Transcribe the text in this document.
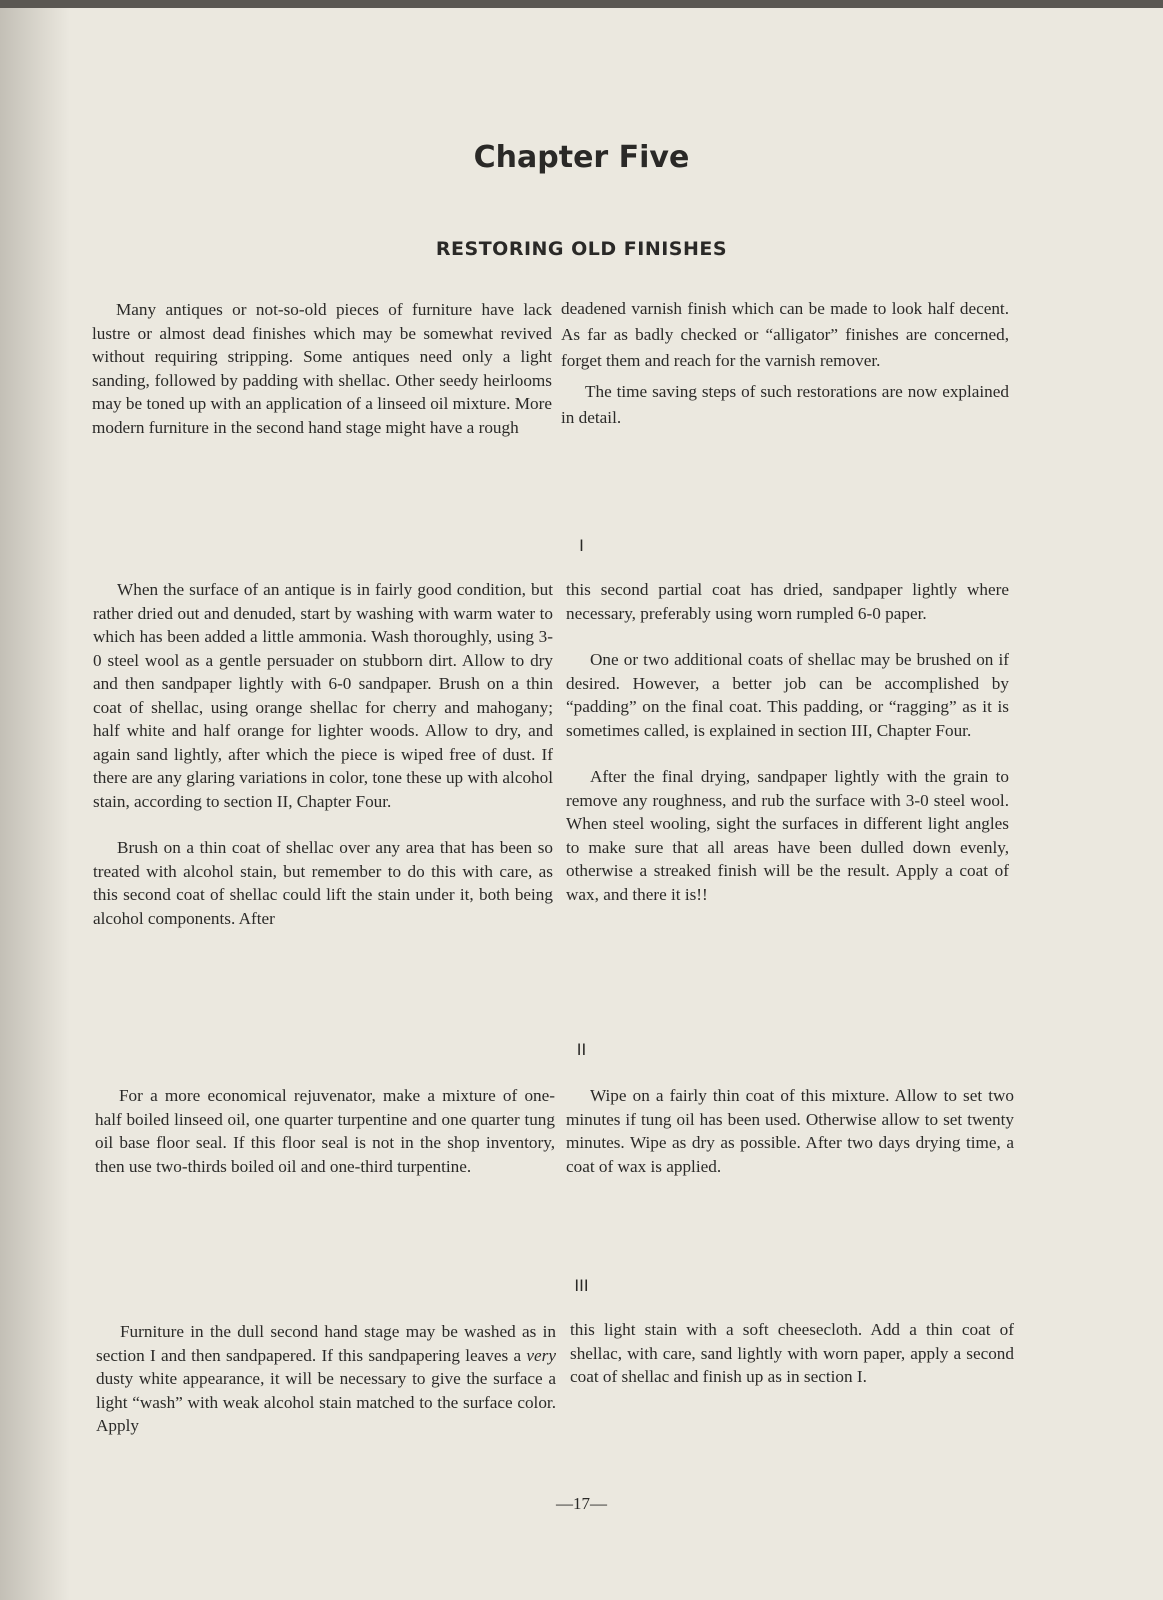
Chapter Five
RESTORING OLD FINISHES

Many antiques or not-so-old pieces of furniture have lack lustre or almost dead finishes which may be somewhat revived without requiring stripping. Some antiques need only a light sanding, followed by padding with shellac. Other seedy heirlooms may be toned up with an application of a linseed oil mixture. More modern furniture in the second hand stage might have a rough

deadened varnish finish which can be made to look half decent. As far as badly checked or “alligator” finishes are concerned, forget them and reach for the varnish remover.

The time saving steps of such restorations are now explained in detail.

I

When the surface of an antique is in fairly good condition, but rather dried out and denuded, start by washing with warm water to which has been added a little ammonia. Wash thoroughly, using 3-0 steel wool as a gentle persuader on stubborn dirt. Allow to dry and then sandpaper lightly with 6-0 sandpaper. Brush on a thin coat of shellac, using orange shellac for cherry and mahogany; half white and half orange for lighter woods. Allow to dry, and again sand lightly, after which the piece is wiped free of dust. If there are any glaring variations in color, tone these up with alcohol stain, according to section II, Chapter Four.

Brush on a thin coat of shellac over any area that has been so treated with alcohol stain, but remember to do this with care, as this second coat of shellac could lift the stain under it, both being alcohol components. After

this second partial coat has dried, sandpaper lightly where necessary, preferably using worn rumpled 6-0 paper.

One or two additional coats of shellac may be brushed on if desired. However, a better job can be accomplished by “padding” on the final coat. This padding, or “ragging” as it is sometimes called, is explained in section III, Chapter Four.

After the final drying, sandpaper lightly with the grain to remove any roughness, and rub the surface with 3-0 steel wool. When steel wooling, sight the surfaces in different light angles to make sure that all areas have been dulled down evenly, otherwise a streaked finish will be the result. Apply a coat of wax, and there it is!!

II

For a more economical rejuvenator, make a mixture of one-half boiled linseed oil, one quarter turpentine and one quarter tung oil base floor seal. If this floor seal is not in the shop inventory, then use two-thirds boiled oil and one-third turpentine.

Wipe on a fairly thin coat of this mixture. Allow to set two minutes if tung oil has been used. Otherwise allow to set twenty minutes. Wipe as dry as possible. After two days drying time, a coat of wax is applied.

III

Furniture in the dull second hand stage may be washed as in section I and then sandpapered. If this sandpapering leaves a very dusty white appearance, it will be necessary to give the surface a light “wash” with weak alcohol stain matched to the surface color. Apply

this light stain with a soft cheesecloth. Add a thin coat of shellac, with care, sand lightly with worn paper, apply a second coat of shellac and finish up as in section I.

—17—
